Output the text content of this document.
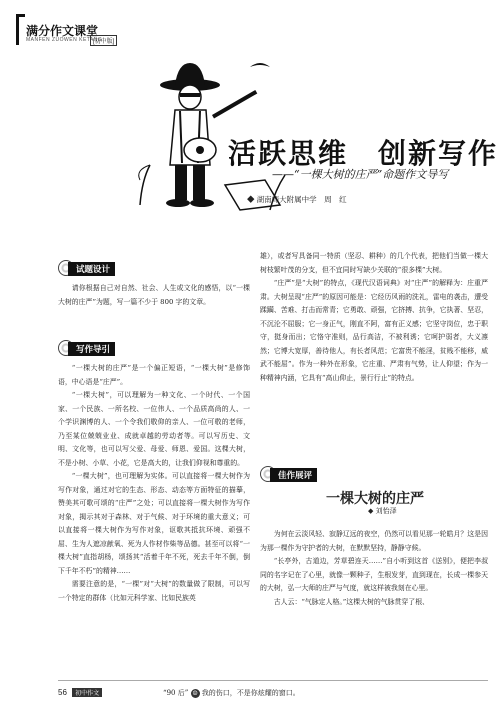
满分作文课堂
MANFEN ZUOWEN KETANG
[初中版]
活跃思维　创新写作
——“一棵大树的庄严”命题作文导写
◆ 湖南师大附属中学　周　红
试题设计

请你根据自己对自然、社会、人生或文化的感悟，以“一棵大树的庄严”为题，写一篇不少于 800 字的文章。

写作导引

“一棵大树的庄严”是一个偏正短语，“一棵大树”是修饰语，中心语是“庄严”。

“一棵大树”，可以理解为一种文化、一个时代、一个国家、一个民族、一所名校、一位伟人、一个品质高尚的人、一个学识渊博的人、一个令我们敬仰的亲人、一位可敬的老师，乃至某位兢兢业业、成就卓越的劳动者等。可以写历史、文明、文化等，也可以写父爱、母爱、师恩、爱国。这棵大树，不是小树、小草、小花，它是高大的，让我们仰视和尊重的。

“一棵大树”，也可理解为实体。可以直接将一棵大树作为写作对象，通过对它的生态、形态、动态等方面特征的描摹，赞美其可歌可颂的“庄严”之处；可以直接将一棵大树作为写作对象，揭示其对于森林、对于气候、对于环境的重大意义；可以直接将一棵大树作为写作对象，讴歌其抵抗环境、顽强不屈、生为人遮凉献氧、死为人作材作柴等品德。甚至可以将“一棵大树”直指胡杨，颂扬其“活着千年不死，死去千年不倒，倒下千年不朽”的精神……

需要注意的是，“一棵”对“大树”的数量做了限制，可以写一个特定的群体（比如元科学家、比如民族英

雄），或者写具备同一特质（坚忍、耕种）的几个代表，把他们当做一棵大树枝繁叶茂的分支，但不宜同时写缺少关联的“很多棵”大树。

“庄严”是“大树”的特点，《现代汉语词典》对“庄严”的解释为：庄重严肃。大树呈现“庄严”的原因可能是：它经历风雨的洗礼，雷电的袭击，遭受蹂躏、苦难、打击而常青；它勇敢、顽强，它挤搏、抗争，它执著、坚忍，不沉沦不屈服；它一身正气，刚直不阿，富有正义感；它坚守岗位，忠于职守，挺身而出；它恪守准则，品行高洁，不被利诱；它呵护弱者，大义凛然；它博大宽厚，善待他人，有长者风范；它富贵不能淫，贫贱不能移，威武不能屈”。作为一种外在形象，它庄重、严肃有气势，让人仰望；作为一种精神内涵，它具有“高山仰止，景行行止”的特点。

佳作展评
一棵大树的庄严
◆ 刘怡泽

为何在云淡风轻、寂静辽远的夜空，仍然可以看见那一轮皓月？这是因为那一棵作为守护者的大树，在默默坚持，静静守候。

“长亭外，古道边，芳草碧连天……”自小听到这首《送别》，便把李叔同的名字记在了心里，就像一颗种子，生根发芽，直到现在，长成一棵参天的大树，弘一大师的庄严与气度，就这样被我刻在心里。

古人云：“气脉定人格。”这棵大树的气脉贯穿了根、

56 初中作文	“90 后” ☺ 我的伤口，不是你炫耀的窗口。
